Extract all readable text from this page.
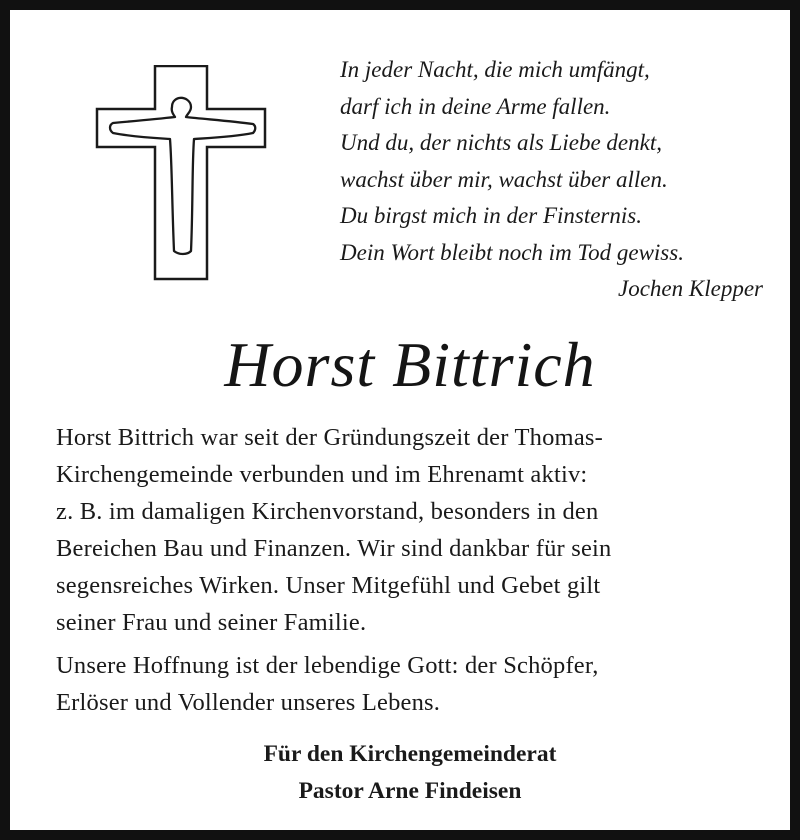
In jeder Nacht, die mich umfängt,
darf ich in deine Arme fallen.
Und du, der nichts als Liebe denkt,
wachst über mir, wachst über allen.
Du birgst mich in der Finsternis.
Dein Wort bleibt noch im Tod gewiss.
Jochen Klepper
Horst Bittrich
Horst Bittrich war seit der Gründungszeit der Thomas-
Kirchengemeinde verbunden und im Ehrenamt aktiv:
z. B. im damaligen Kirchenvorstand, besonders in den
Bereichen Bau und Finanzen. Wir sind dankbar für sein
segensreiches Wirken. Unser Mitgefühl und Gebet gilt
seiner Frau und seiner Familie.
Unsere Hoffnung ist der lebendige Gott: der Schöpfer,
Erlöser und Vollender unseres Lebens.
Für den Kirchengemeinderat
Pastor Arne Findeisen
